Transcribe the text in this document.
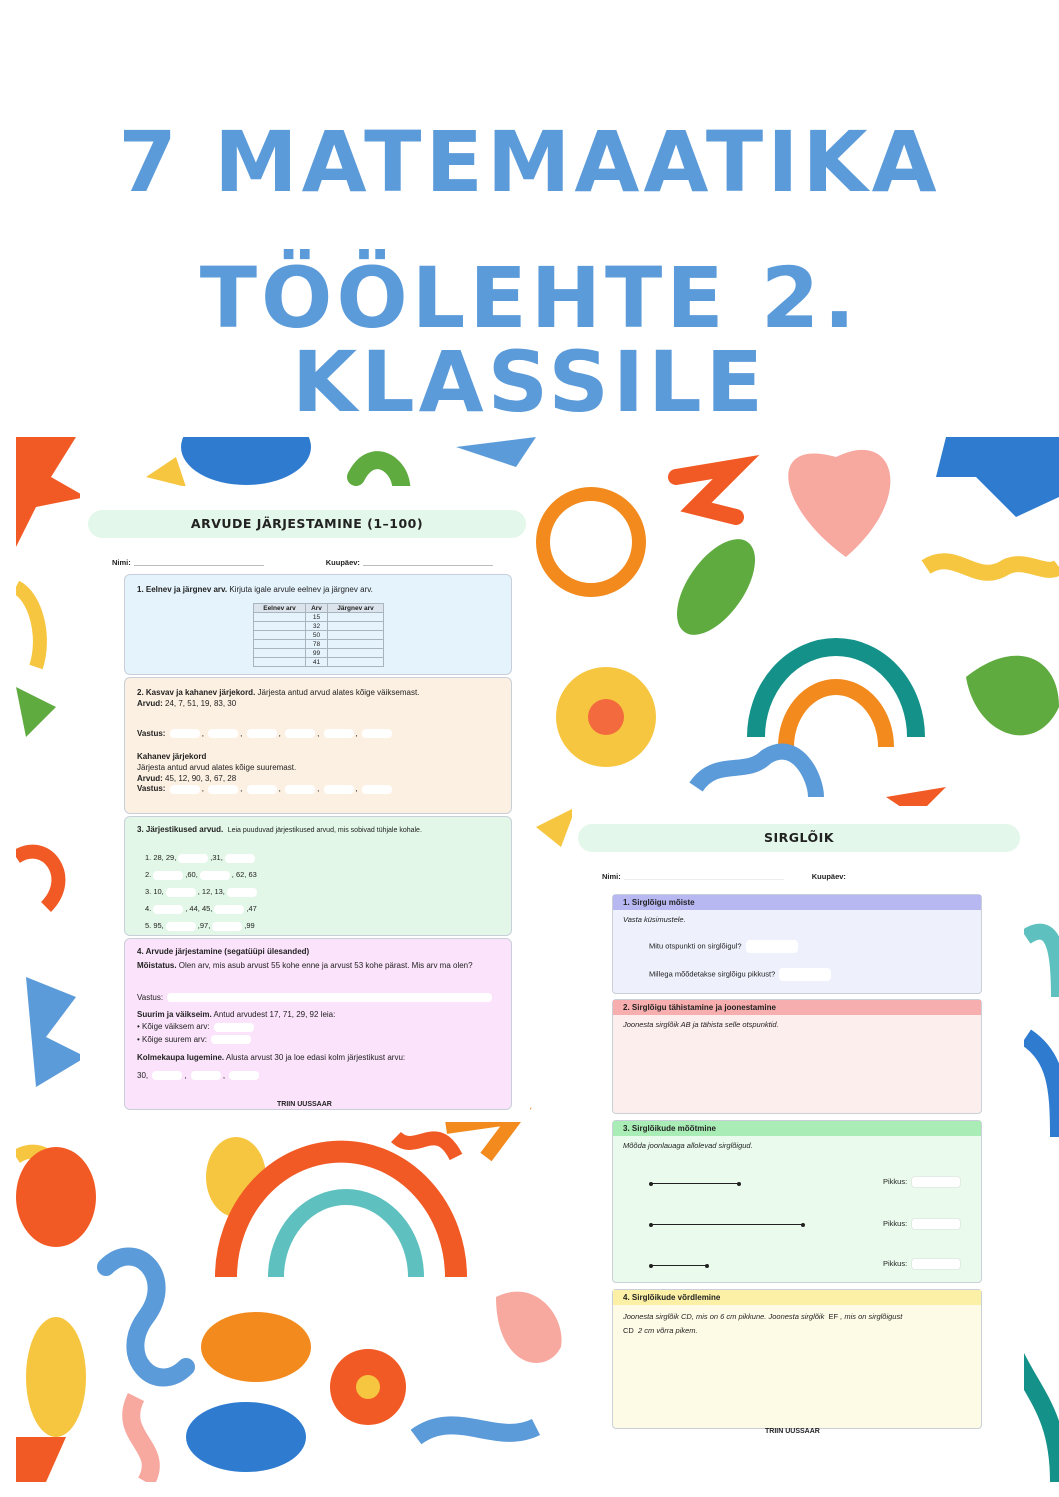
7 MATEMAATIKA
TÖÖLEHTE 2. KLASSILE
ARVUDE JÄRJESTAMINE (1–100)
Nimi:	Kuupäev:
1. Eelnev ja järgnev arv. Kirjuta igale arvule eelnev ja järgnev arv.
Eelnev arv	Arv	Järgnev arv
	15	
	32	
	50	
	78	
	99	
	41	
2. Kasvav ja kahanev järjekord. Järjesta antud arvud alates kõige väiksemast.
Arvud: 24, 7, 51, 19, 83, 30
Vastus:	,	,	,	,	,
Kahanev järjekord
Järjesta antud arvud alates kõige suuremast.
Arvud: 45, 12, 90, 3, 67, 28
Vastus:	,	,	,	,	,
3. Järjestikused arvud. Leia puuduvad järjestikused arvud, mis sobivad tühjale kohale.
1. 28, 29,	,31,
2.	,60,	, 62, 63
3. 10,	, 12, 13,
4.	, 44, 45,	,47
5. 95,	,97,	,99
4. Arvude järjestamine (segatüüpi ülesanded)
Mõistatus. Olen arv, mis asub arvust 55 kohe enne ja arvust 53 kohe pärast. Mis arv ma olen?
Vastus:
Suurim ja väikseim. Antud arvudest 17, 71, 29, 92 leia:
• Kõige väiksem arv:
• Kõige suurem arv:
Kolmekaupa lugemine. Alusta arvust 30 ja loe edasi kolm järjestikust arvu:
30,	,	,
TRIIN UUSSAAR
SIRGLÕIK
Nimi:	Kuupäev:
1. Sirglõigu mõiste
Vasta küsimustele.
Mitu otspunkti on sirglõigul?
Millega mõõdetakse sirglõigu pikkust?
2. Sirglõigu tähistamine ja joonestamine
Joonesta sirglõik AB ja tähista selle otspunktid.
3. Sirglõikude mõõtmine
Mõõda joonlauaga allolevad sirglõigud.
Pikkus:
Pikkus:
Pikkus:
4. Sirglõikude võrdlemine
Joonesta sirglõik CD, mis on 6 cm pikkune. Joonesta sirglõik EF , mis on sirglõigust
CD 2 cm võrra pikem.
TRIIN UUSSAAR
